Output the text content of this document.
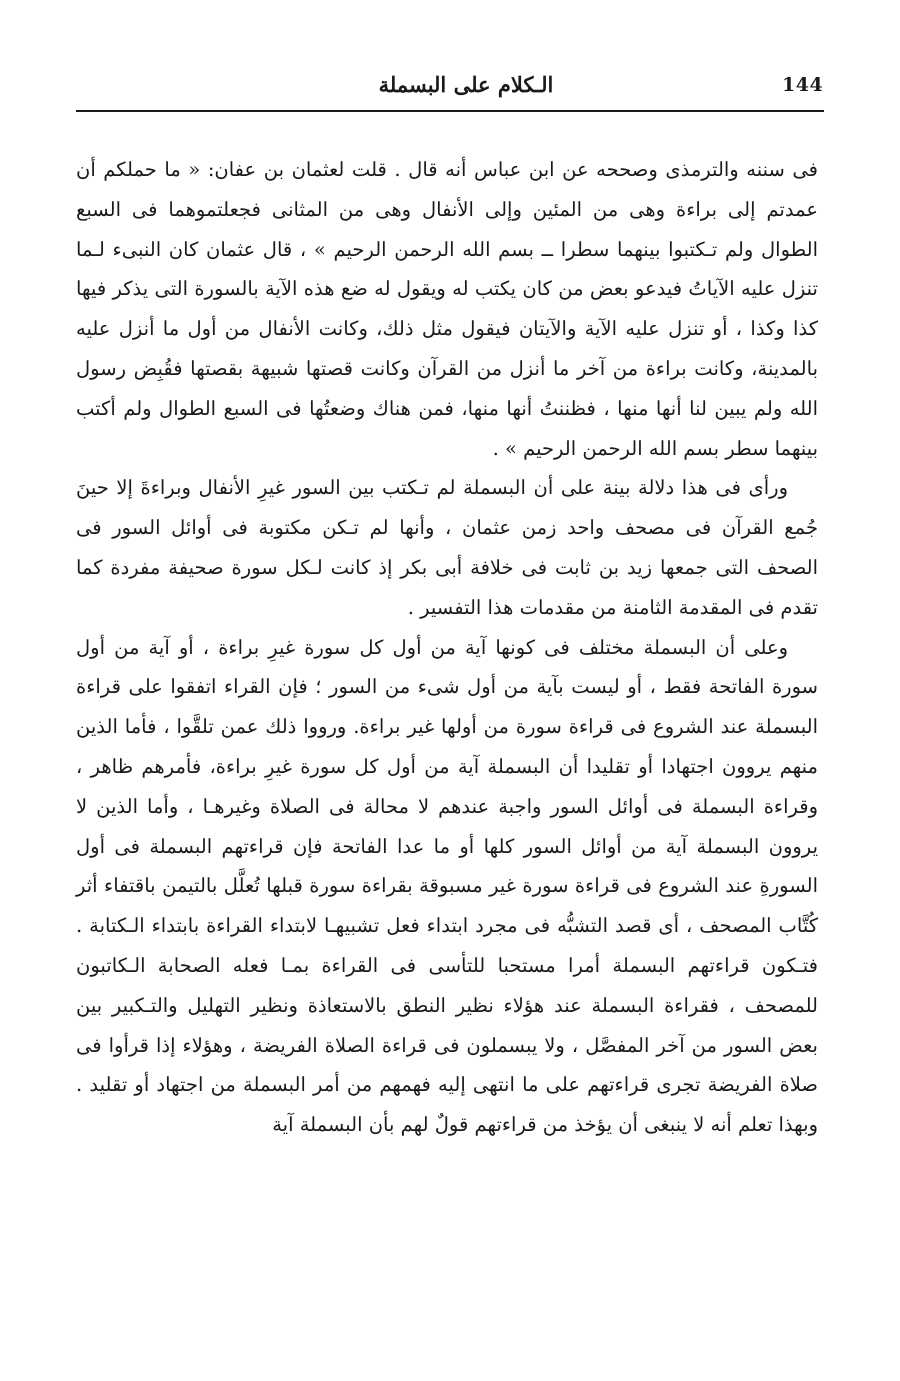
144
الـكلام على البسملة

فى سننه والترمذى وصححه عن ابن عباس أنه قال . قلت لعثمان بن عفان: « ما حملكم أن عمدتم إلى براءة وهى من المئين وإلى الأنفال وهى من المثانى فجعلتموهما فى السبع الطوال ولم تـكتبوا بينهما سطرا ــ بسم الله الرحمن الرحيم » ، قال عثمان كان النبىء لـما تنزل عليه الآياتُ فيدعو بعض من كان يكتب له ويقول له ضع هذه الآية بالسورة التى يذكر فيها كذا وكذا ، أو تنزل عليه الآية والآيتان فيقول مثل ذلك، وكانت الأنفال من أول ما أنزل عليه بالمدينة، وكانت براءة من آخر ما أنزل من القرآن وكانت قصتها شبيهة بقصتها فقُبِض رسول الله ولم يبين لنا أنها منها ، فظننتُ أنها منها، فمن هناك وضعتُها فى السبع الطوال ولم أكتب بينهما سطر بسم الله الرحمن الرحيم » .

ورأى فى هذا دلالة بينة على أن البسملة لم تـكتب بين السور غيرِ الأنفال وبراءةَ إلا حينَ جُمع القرآن فى مصحف واحد زمن عثمان ، وأنها لم تـكن مكتوبة فى أوائل السور فى الصحف التى جمعها زيد بن ثابت فى خلافة أبى بكر إذ كانت لـكل سورة صحيفة مفردة كما تقدم فى المقدمة الثامنة من مقدمات هذا التفسير .

وعلى أن البسملة مختلف فى كونها آية من أول كل سورة غيرِ براءة ، أو آية من أول سورة الفاتحة فقط ، أو ليست بآية من أول شىء من السور ؛ فإن القراء اتفقوا على قراءة البسملة عند الشروع فى قراءة سورة من أولها غير براءة. ورووا ذلك عمن تلقَّوا ، فأما الذين منهم يروون اجتهادا أو تقليدا أن البسملة آية من أول كل سورة غيرِ براءة، فأمرهم ظاهر ، وقراءة البسملة فى أوائل السور واجبة عندهم لا محالة فى الصلاة وغيرهـا ، وأما الذين لا يروون البسملة آية من أوائل السور كلها أو ما عدا الفاتحة فإن قراءتهم البسملة فى أول السورةِ عند الشروع فى قراءة سورة غير مسبوقة بقراءة سورة قبلها تُعلَّل بالتيمن باقتفاء أثر كُتَّاب المصحف ، أى قصد التشبُّه فى مجرد ابتداء فعل تشبيهـا لابتداء القراءة بابتداء الـكتابة . فتـكون قراءتهم البسملة أمرا مستحبا للتأسى فى القراءة بمـا فعله الصحابة الـكاتبون للمصحف ، فقراءة البسملة عند هؤلاء نظير النطق بالاستعاذة ونظير التهليل والتـكبير بين بعض السور من آخر المفصَّل ، ولا يبسملون فى قراءة الصلاة الفريضة ، وهؤلاء إذا قرأوا فى صلاة الفريضة تجرى قراءتهم على ما انتهى إليه فهمهم من أمر البسملة من اجتهاد أو تقليد . وبهذا تعلم أنه لا ينبغى أن يؤخذ من قراءتهم قولٌ لهم بأن البسملة آية
